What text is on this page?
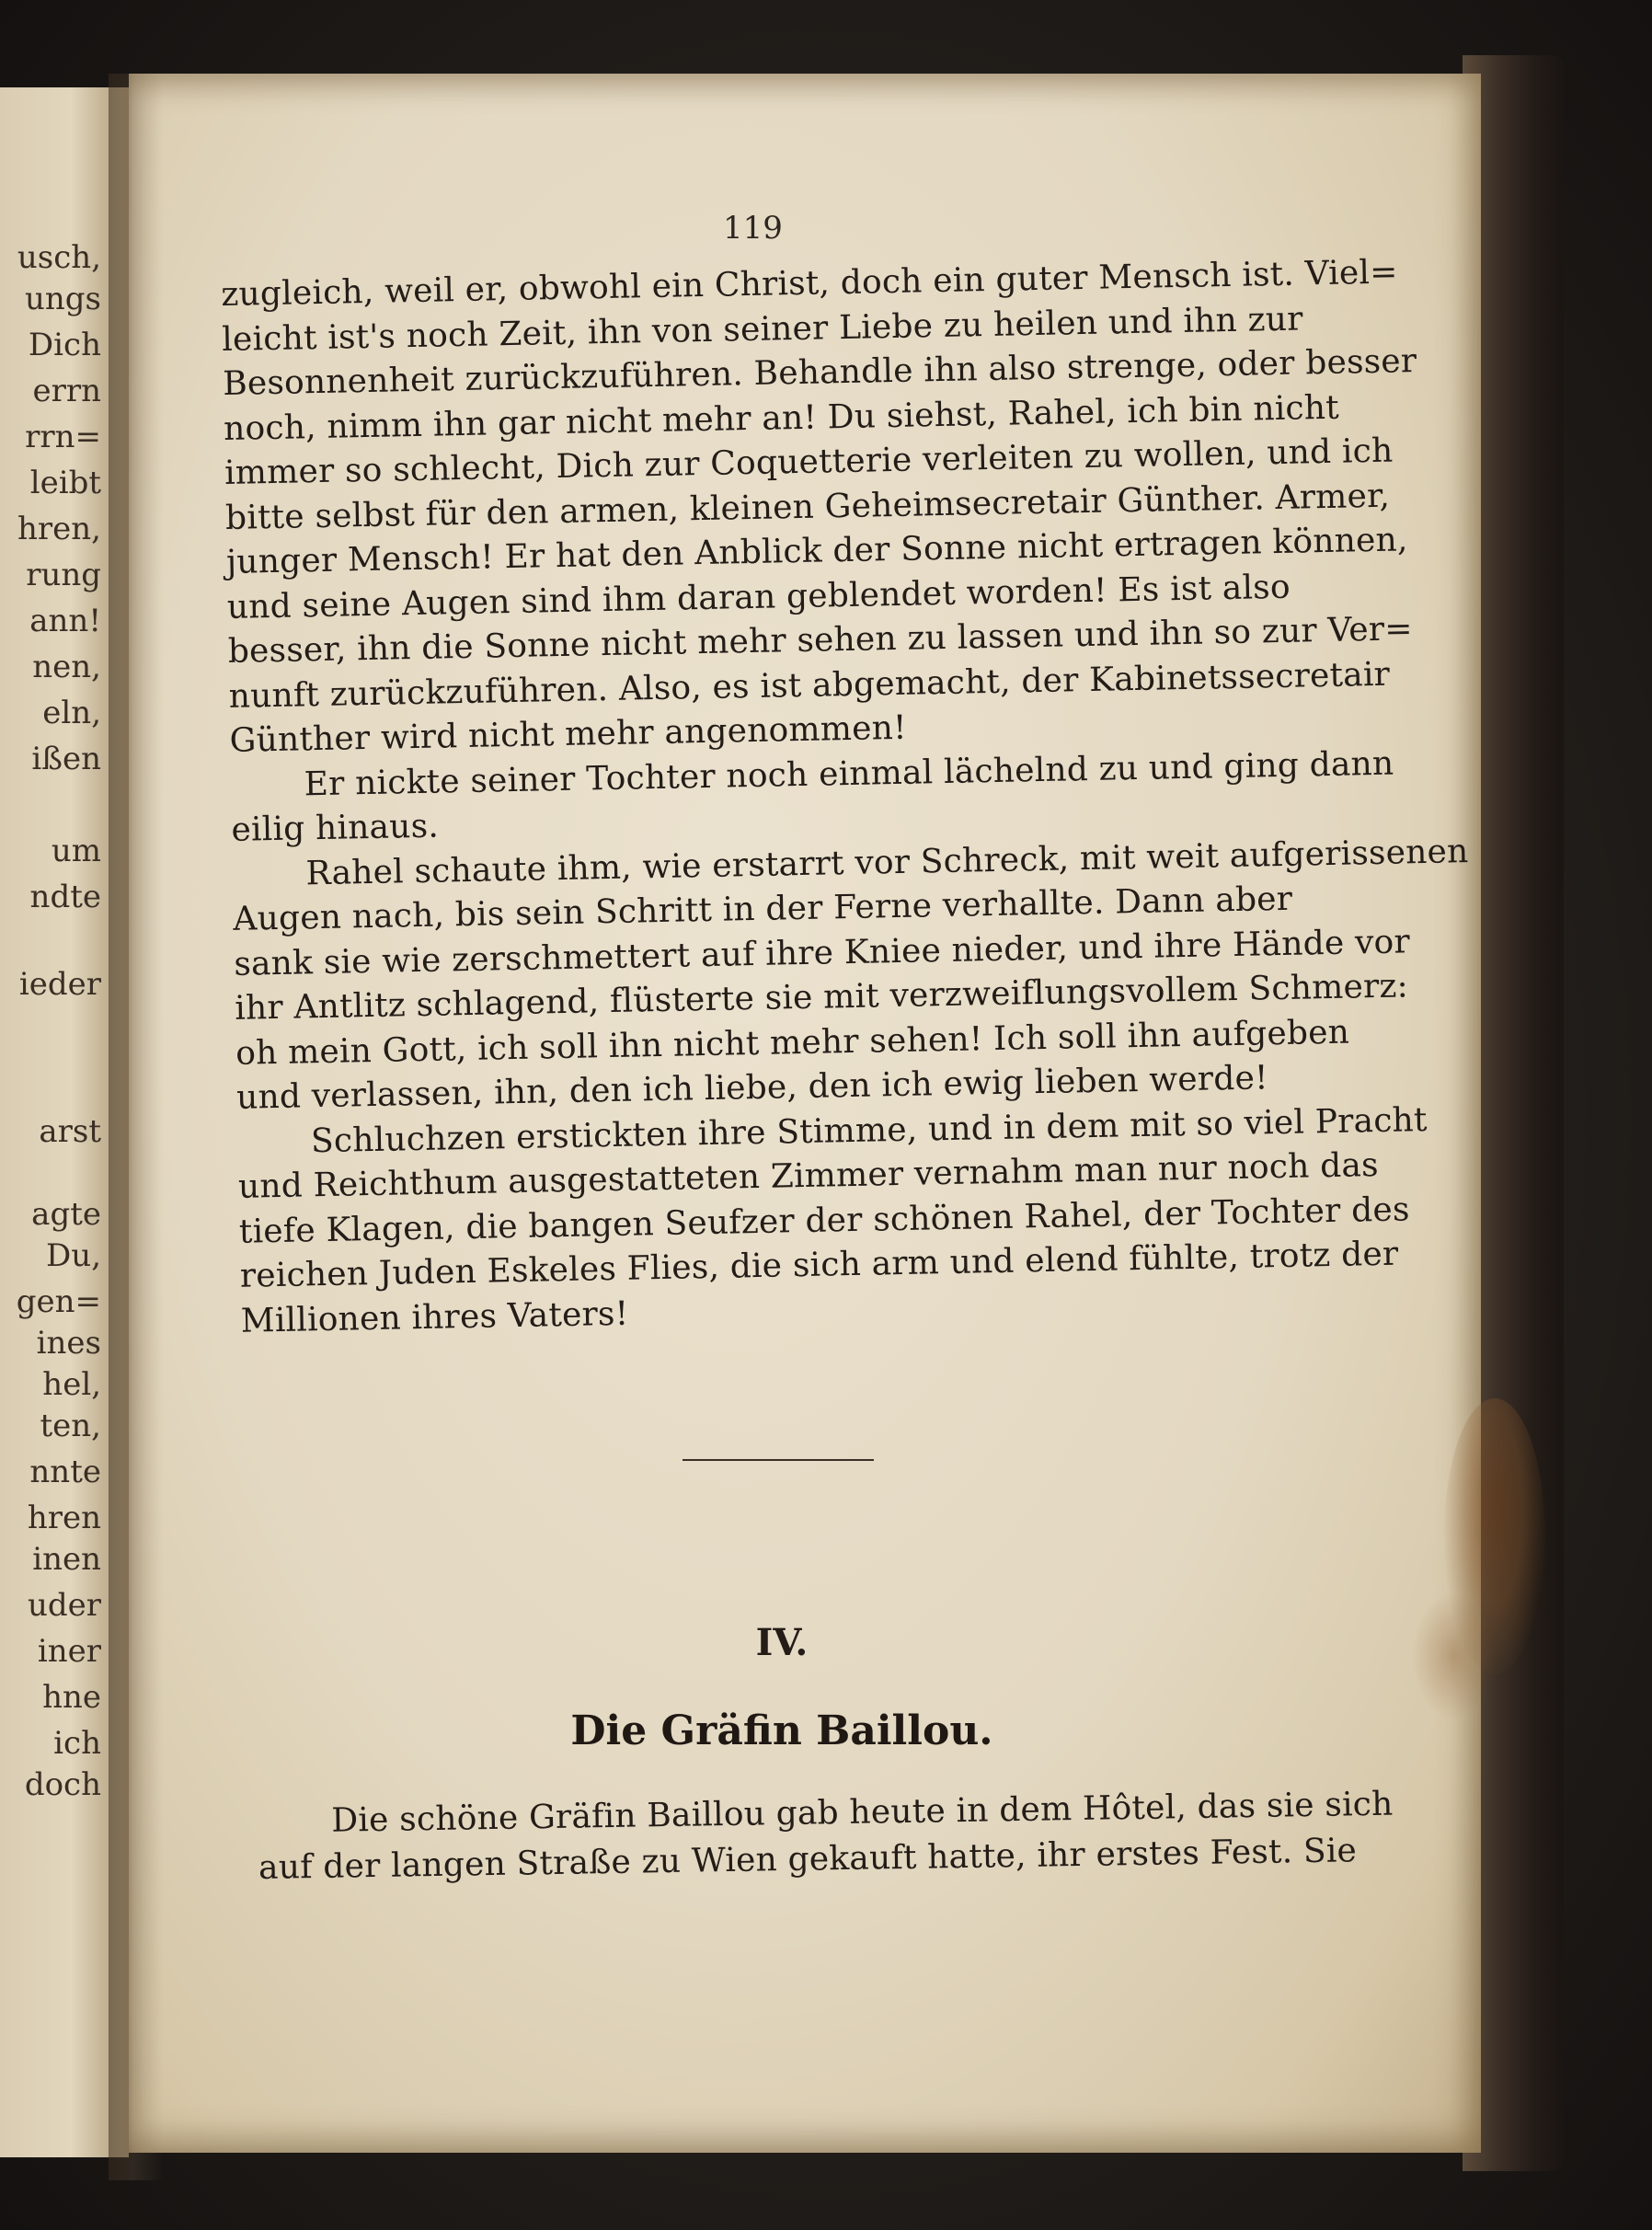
usch,
ungs
Dich
errn
rrn=
leibt
hren,
rung
ann!
nen,
eln,
ißen
um
ndte
ieder
arst
agte
Du,
gen=
ines
hel,
ten,
nnte
hren
inen
uder
iner
hne
ich
doch
119
zugleich, weil er, obwohl ein Christ, doch ein guter Mensch ist. Viel=
leicht ist's noch Zeit, ihn von seiner Liebe zu heilen und ihn zur
Besonnenheit zurückzuführen. Behandle ihn also strenge, oder besser
noch, nimm ihn gar nicht mehr an! Du siehst, Rahel, ich bin nicht
immer so schlecht, Dich zur Coquetterie verleiten zu wollen, und ich
bitte selbst für den armen, kleinen Geheimsecretair Günther. Armer,
junger Mensch! Er hat den Anblick der Sonne nicht ertragen können,
und seine Augen sind ihm daran geblendet worden! Es ist also
besser, ihn die Sonne nicht mehr sehen zu lassen und ihn so zur Ver=
nunft zurückzuführen. Also, es ist abgemacht, der Kabinetssecretair
Günther wird nicht mehr angenommen!
Er nickte seiner Tochter noch einmal lächelnd zu und ging dann
eilig hinaus.
Rahel schaute ihm, wie erstarrt vor Schreck, mit weit aufgerissenen
Augen nach, bis sein Schritt in der Ferne verhallte. Dann aber
sank sie wie zerschmettert auf ihre Kniee nieder, und ihre Hände vor
ihr Antlitz schlagend, flüsterte sie mit verzweiflungsvollem Schmerz:
oh mein Gott, ich soll ihn nicht mehr sehen! Ich soll ihn aufgeben
und verlassen, ihn, den ich liebe, den ich ewig lieben werde!
Schluchzen erstickten ihre Stimme, und in dem mit so viel Pracht
und Reichthum ausgestatteten Zimmer vernahm man nur noch das
tiefe Klagen, die bangen Seufzer der schönen Rahel, der Tochter des
reichen Juden Eskeles Flies, die sich arm und elend fühlte, trotz der
Millionen ihres Vaters!
IV.
Die Gräfin Baillou.
Die schöne Gräfin Baillou gab heute in dem Hôtel, das sie sich
auf der langen Straße zu Wien gekauft hatte, ihr erstes Fest. Sie
